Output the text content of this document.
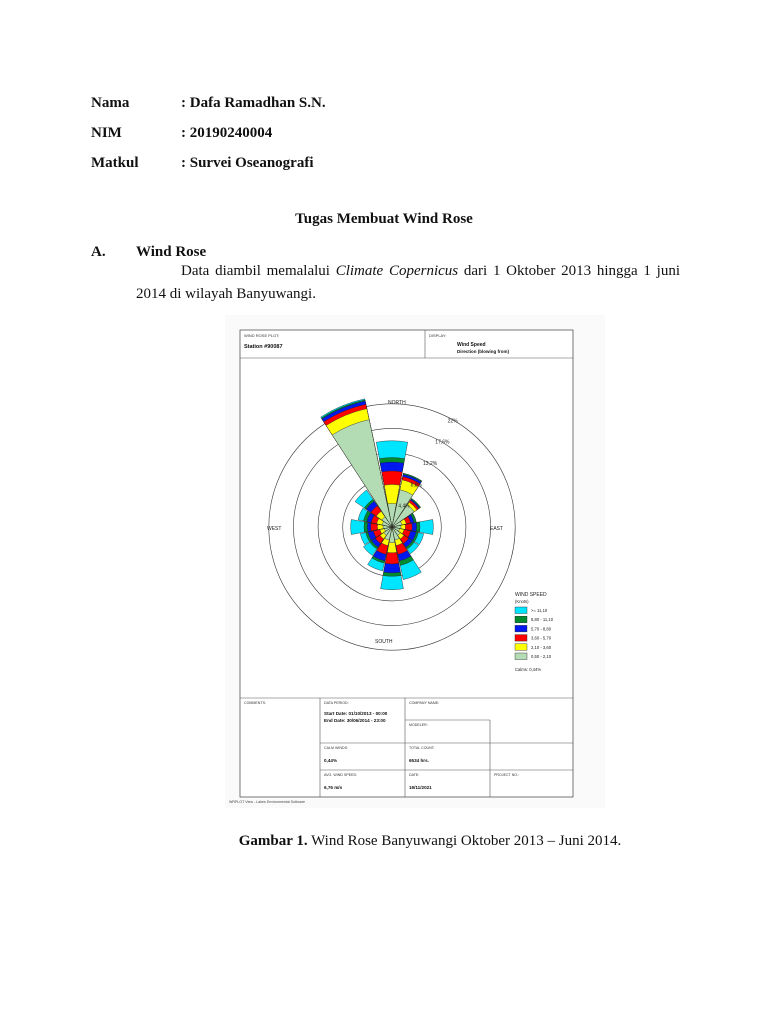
Nama	: Dafa Ramadhan S.N.
NIM	: 20190240004
Matkul	: Survei Oseanografi
Tugas Membuat Wind Rose
A. Wind Rose
Data diambil memalalui Climate Copernicus dari 1 Oktober 2013 hingga 1 juni
2014 di wilayah Banyuwangi.
WIND ROSE PLOT:
Station #90087
DISPLAY:
Wind Speed
Direction (blowing from)
4,4%
8,8%
13,2%
17,6%
22%
NORTH
SOUTH
EAST
WEST
WIND SPEED
(Knots)
>= 11,10
8,80 - 11,10
5,70 - 8,80
3,60 - 5,70
2,10 - 3,60
0,50 - 2,10
Calms: 0,44%
COMMENTS:	DATA PERIOD:
Start Date: 01/10/2013 - 00:00
End Date: 30/06/2014 - 23:00
COMPANY NAME:
MODELER:
CALM WINDS:
0,44%
TOTAL COUNT:
6534 hrs.
AVG. WIND SPEED:
6,76 m/s
DATE:
19/11/2021
PROJECT NO.:
WRPLOT View - Lakes Environmental Software
Gambar 1. Wind Rose Banyuwangi Oktober 2013 – Juni 2014.
